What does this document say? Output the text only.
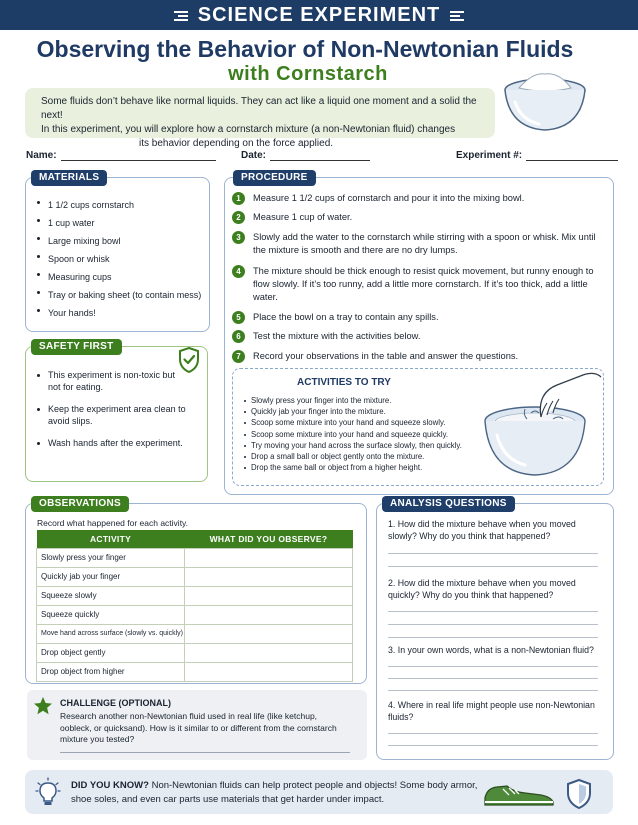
SCIENCE EXPERIMENT
Observing the Behavior of Non-Newtonian Fluids
with Cornstarch
Some fluids don’t behave like normal liquids. They can act like a liquid one moment and a solid the next!
In this experiment, you will explore how a cornstarch mixture (a non-Newtonian fluid) changes
its behavior depending on the force applied.
Name:	Date:	Experiment #:
MATERIALS
1 1/2 cups cornstarch
1 cup water
Large mixing bowl
Spoon or whisk
Measuring cups
Tray or baking sheet (to contain mess)
Your hands!
SAFETY FIRST
This experiment is non-toxic but not for eating.
Keep the experiment area clean to avoid slips.
Wash hands after the experiment.
PROCEDURE
1	Measure 1 1/2 cups of cornstarch and pour it into the mixing bowl.
2	Measure 1 cup of water.
3	Slowly add the water to the cornstarch while stirring with a spoon or whisk. Mix until the mixture is smooth and there are no dry lumps.
4	The mixture should be thick enough to resist quick movement, but runny enough to flow slowly. If it’s too runny, add a little more cornstarch. If it’s too thick, add a little water.
5	Place the bowl on a tray to contain any spills.
6	Test the mixture with the activities below.
7	Record your observations in the table and answer the questions.
ACTIVITIES TO TRY
Slowly press your finger into the mixture.
Quickly jab your finger into the mixture.
Scoop some mixture into your hand and squeeze slowly.
Scoop some mixture into your hand and squeeze quickly.
Try moving your hand across the surface slowly, then quickly.
Drop a small ball or object gently onto the mixture.
Drop the same ball or object from a higher height.
OBSERVATIONS
Record what happened for each activity.
ACTIVITY	WHAT DID YOU OBSERVE?
Slowly press your finger	
Quickly jab your finger	
Squeeze slowly	
Squeeze quickly	
Move hand across surface (slowly vs. quickly)	
Drop object gently	
Drop object from higher	
CHALLENGE (OPTIONAL)
Research another non-Newtonian fluid used in real life (like ketchup, oobleck, or quicksand). How is it similar to or different from the cornstarch mixture you tested?
ANALYSIS QUESTIONS
1. How did the mixture behave when you moved slowly? Why do you think that happened?
2. How did the mixture behave when you moved quickly? Why do you think that happened?
3. In your own words, what is a non-Newtonian fluid?
4. Where in real life might people use non-Newtonian fluids?
DID YOU KNOW? Non-Newtonian fluids can help protect people and objects! Some body armor,
shoe soles, and even car parts use materials that get harder under impact.
